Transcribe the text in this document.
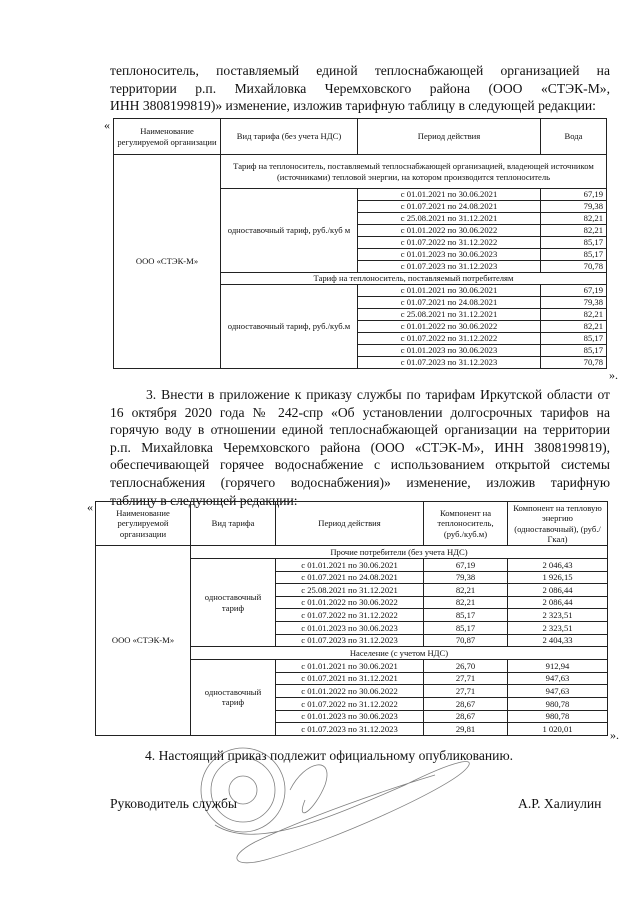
теплоноситель, поставляемый единой теплоснабжающей организацией на
территории р.п. Михайловка Черемховского района (ООО «СТЭК-М»,
ИНН 3808199819)» изменение, изложив тарифную таблицу в следующей редакции:
«	Наименование регулируемой организации	Вид тарифа (без учета НДС)	Период действия	Вода
ООО «СТЭК-М»	Тариф на теплоноситель, поставляемый теплоснабжающей организацией, владеющей источником (источниками) тепловой энергии, на котором производится теплоноситель		
	одноставочный тариф, руб./куб м	с 01.01.2021 по 30.06.2021	67,19
		с 01.07.2021 по 24.08.2021	79,38
		с 25.08.2021 по 31.12.2021	82,21
		с 01.01.2022 по 30.06.2022	82,21
		с 01.07.2022 по 31.12.2022	85,17
		с 01.01.2023 по 30.06.2023	85,17
		с 01.07.2023 по 31.12.2023	70,78
	Тариф на теплоноситель, поставляемый потребителям		
	одноставочный тариф, руб./куб.м	с 01.01.2021 по 30.06.2021	67,19
		с 01.07.2021 по 24.08.2021	79,38
		с 25.08.2021 по 31.12.2021	82,21
		с 01.01.2022 по 30.06.2022	82,21
		с 01.07.2022 по 31.12.2022	85,17
		с 01.01.2023 по 30.06.2023	85,17
		с 01.07.2023 по 31.12.2023	70,78
».
3. Внести в приложение к приказу службы по тарифам Иркутской области от
16 октября 2020 года № 242-спр «Об установлении долгосрочных тарифов на
горячую воду в отношении единой теплоснабжающей организации на территории
р.п. Михайловка Черемховского района (ООО «СТЭК-М», ИНН 3808199819),
обеспечивающей горячее водоснабжение с использованием открытой системы
теплоснабжения (горячего водоснабжения)» изменение, изложив тарифную
таблицу в следующей редакции:
«	Наименование регулируемой организации	Вид тарифа	Период действия	Компонент на теплоноситель, (руб./куб.м)	Компонент на тепловую энергию (одноставочный), (руб./Гкал)
ООО «СТЭК-М»	Прочие потребители (без учета НДС)			
	одноставочный тариф	с 01.01.2021 по 30.06.2021	67,19	2 046,43
		с 01.07.2021 по 24.08.2021	79,38	1 926,15
		с 25.08.2021 по 31.12.2021	82,21	2 086,44
		с 01.01.2022 по 30.06.2022	82,21	2 086,44
		с 01.07.2022 по 31.12.2022	85,17	2 323,51
		с 01.01.2023 по 30.06.2023	85,17	2 323,51
		с 01.07.2023 по 31.12.2023	70,87	2 404,33
	Население (с учетом НДС)			
	одноставочный тариф	с 01.01.2021 по 30.06.2021	26,70	912,94
		с 01.07.2021 по 31.12.2021	27,71	947,63
		с 01.01.2022 по 30.06.2022	27,71	947,63
		с 01.07.2022 по 31.12.2022	28,67	980,78
		с 01.01.2023 по 30.06.2023	28,67	980,78
		с 01.07.2023 по 31.12.2023	29,81	1 020,01	».
4. Настоящий приказ подлежит официальному опубликованию.
Руководитель службы	А.Р. Халиулин
